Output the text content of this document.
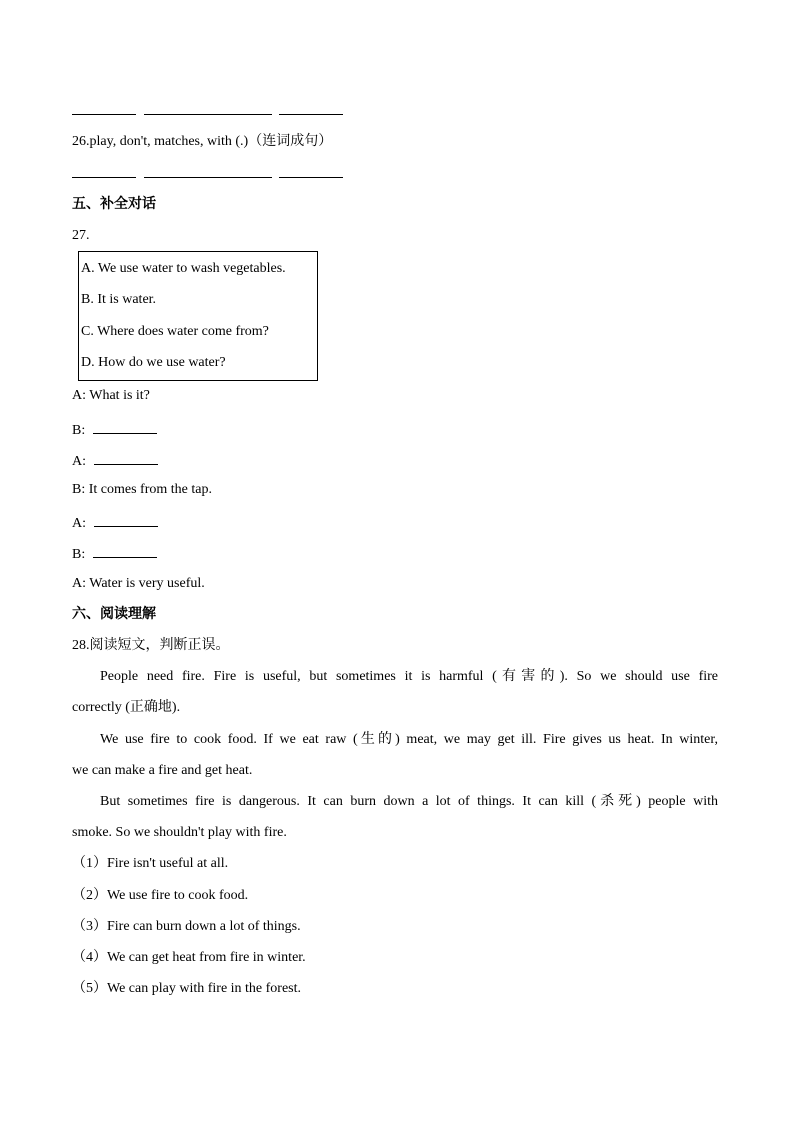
26.play, don't, matches, with (.)（连词成句）

五、补全对话
27.
A. We use water to wash vegetables.
B. It is water.
C. Where does water come from?
D. How do we use water?
A: What is it?
B:
A:
B: It comes from the tap.
A:
B:
A: Water is very useful.
六、阅读理解
28.阅读短文，判断正误。
People need fire. Fire is useful, but sometimes it is harmful (有害的). So we should use fire
correctly (正确地).
We use fire to cook food. If we eat raw (生的) meat, we may get ill. Fire gives us heat. In winter,
we can make a fire and get heat.
But sometimes fire is dangerous. It can burn down a lot of things. It can kill (杀死) people with
smoke. So we shouldn't play with fire.
（1）Fire isn't useful at all.
（2）We use fire to cook food.
（3）Fire can burn down a lot of things.
（4）We can get heat from fire in winter.
（5）We can play with fire in the forest.
